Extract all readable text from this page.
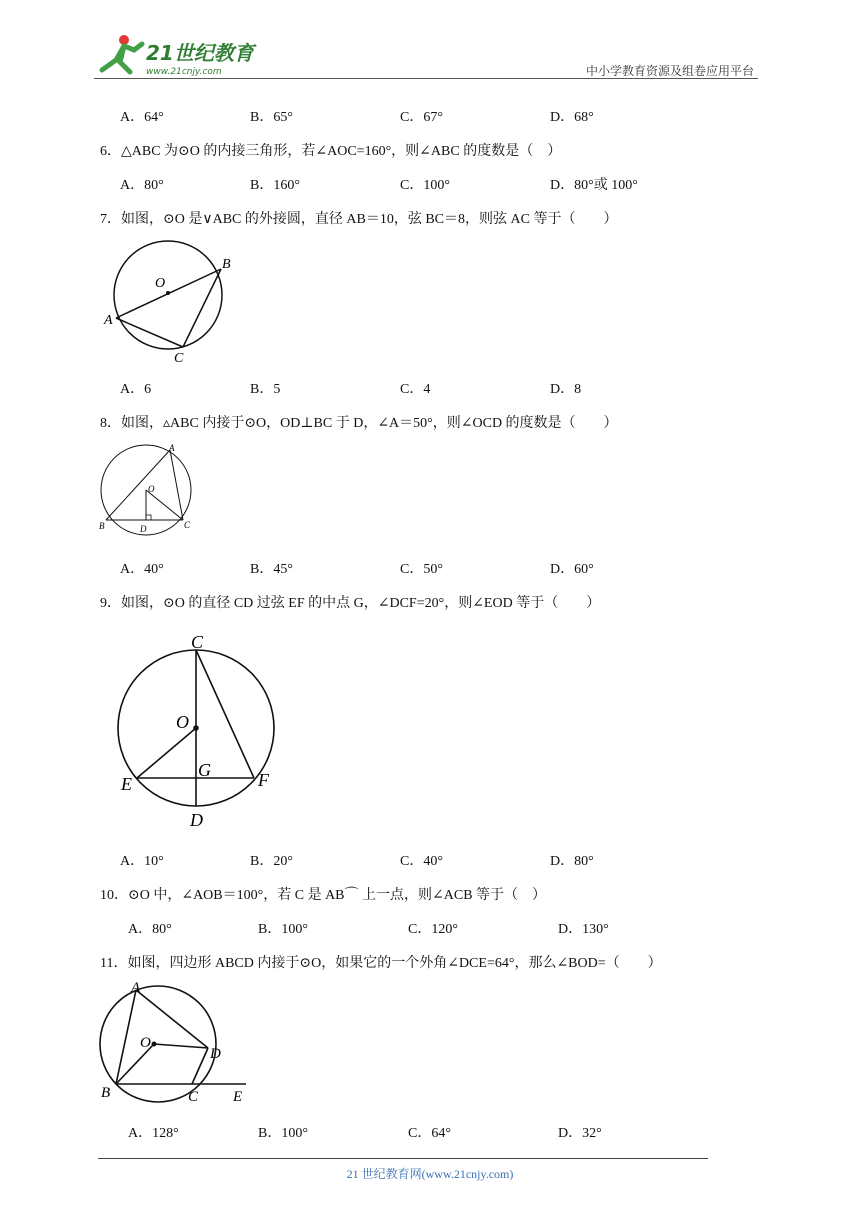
21世纪教育
www.21cnjy.com	中小学教育资源及组卷应用平台
A．64°	B．65°	C．67°	D．68°
6．△ABC 为⊙O 的内接三角形，若∠AOC=160°，则∠ABC 的度数是（　）
A．80°	B．160°	C．100°	D．80°或 100°
7．如图，⊙O 是∨ABC 的外接圆，直径 AB＝10，弦 BC＝8，则弦 AC 等于（　　）
O
A
B
C
A．6	B．5	C．4	D．8
8．如图，▵ABC 内接于⊙O，OD⊥BC 于 D，∠A＝50°，则∠OCD 的度数是（　　）
A
O
B	D	C
A．40°	B．45°	C．50°	D．60°
9．如图，⊙O 的直径 CD 过弦 EF 的中点 G，∠DCF=20°，则∠EOD 等于（　　）
C
O
G
E	F
D
A．10°	B．20°	C．40°	D．80°
10．⊙O 中，∠AOB＝100°，若 C 是 AB⌒ 上一点，则∠ACB 等于（　）
A．80°	B．100°	C．120°	D．130°
11．如图，四边形 ABCD 内接于⊙O，如果它的一个外角∠DCE=64°，那么∠BOD=（　　）
A
O
D
B	C E
A．128°	B．100°	C．64°	D．32°
21 世纪教育网(www.21cnjy.com)
